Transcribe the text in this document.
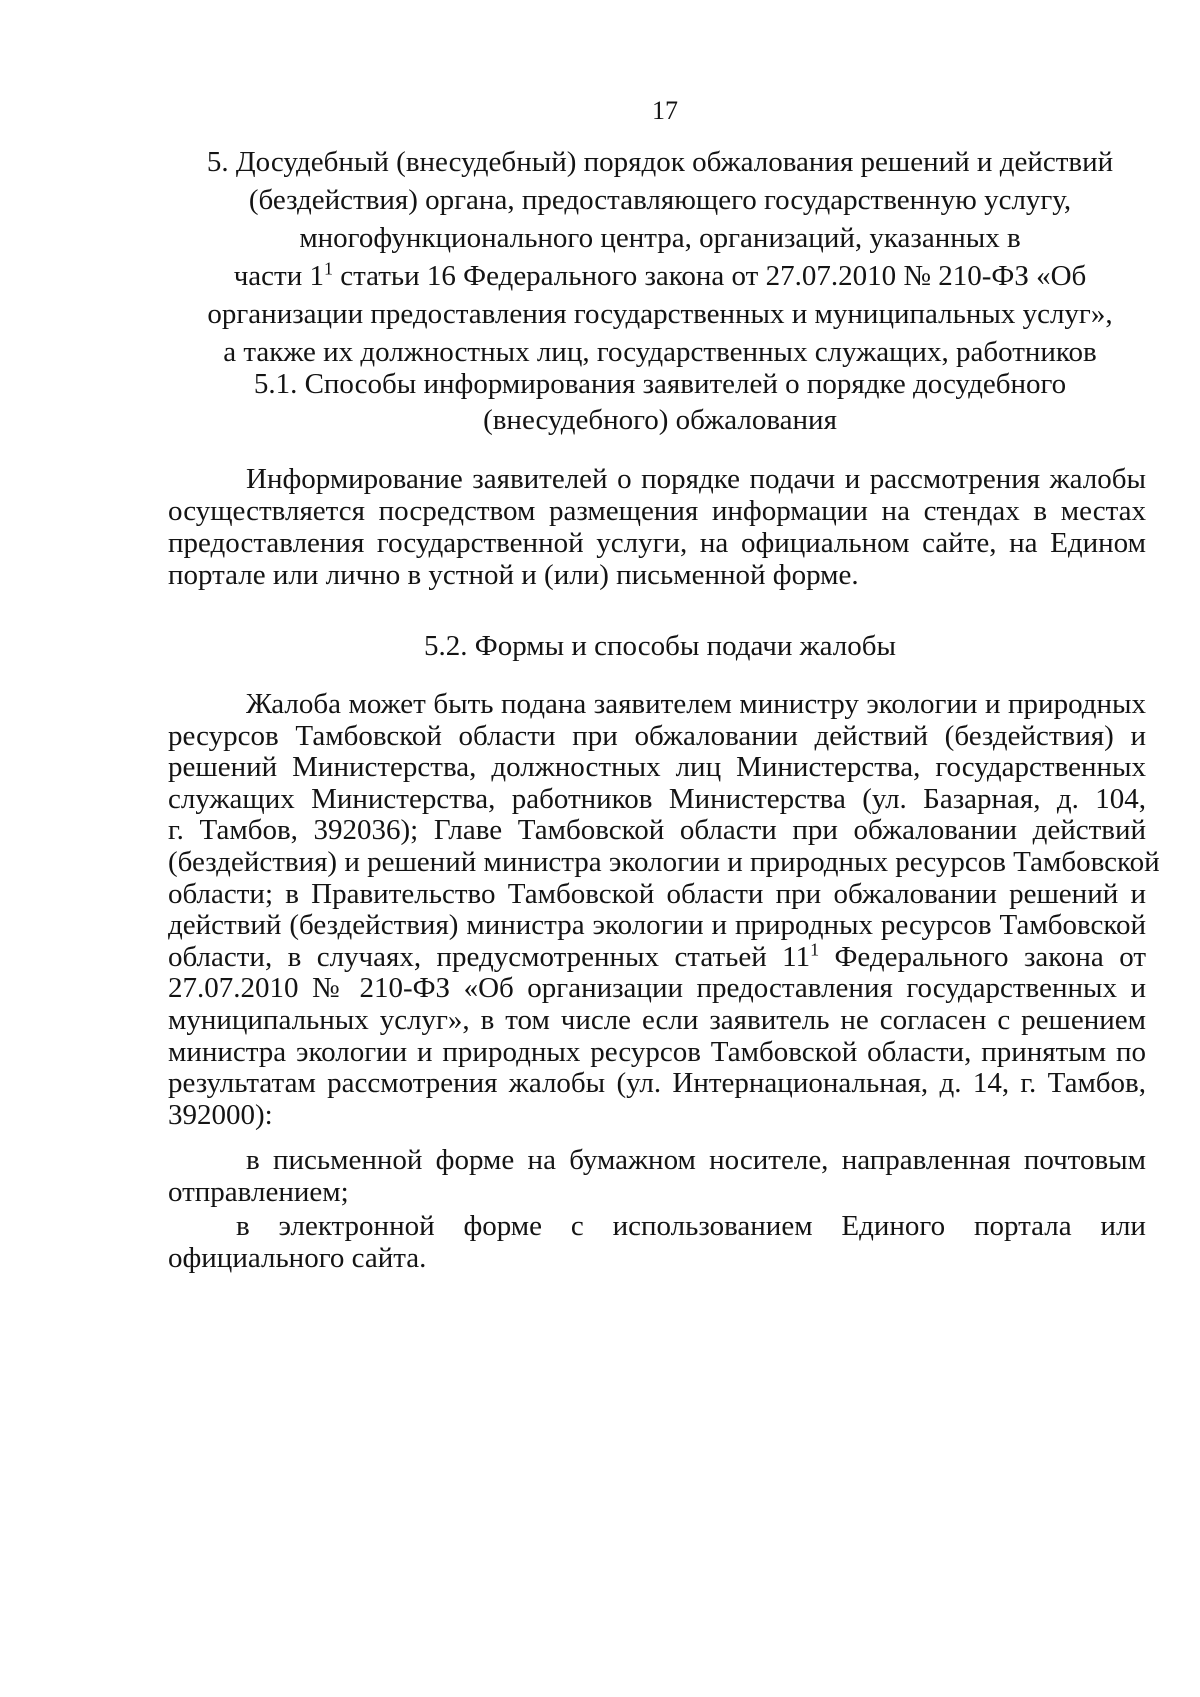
17
5. Досудебный (внесудебный) порядок обжалования решений и действий
(бездействия) органа, предоставляющего государственную услугу,
многофункционального центра, организаций, указанных в
части $1^1$ статьи 16 Федерального закона от 27.07.2010 № 210-ФЗ «Об
организации предоставления государственных и муниципальных услуг»,
а также их должностных лиц, государственных служащих, работников
5.1. Способы информирования заявителей о порядке досудебного
(внесудебного) обжалования

Информирование заявителей о порядке подачи и рассмотрения жалобы
осуществляется посредством размещения информации на стендах в местах
предоставления государственной услуги, на официальном сайте, на Едином
портале или лично в устной и (или) письменной форме.

5.2. Формы и способы подачи жалобы

Жалоба может быть подана заявителем министру экологии и природных
ресурсов Тамбовской области при обжаловании действий (бездействия) и
решений Министерства, должностных лиц Министерства, государственных
служащих Министерства, работников Министерства (ул. Базарная, д. 104,
г. Тамбов, 392036); Главе Тамбовской области при обжаловании действий
(бездействия) и решений министра экологии и природных ресурсов Тамбовской
области; в Правительство Тамбовской области при обжаловании решений и
действий (бездействия) министра экологии и природных ресурсов Тамбовской
области, в случаях, предусмотренных статьей $11^1$ Федерального закона от
27.07.2010 № 210-ФЗ «Об организации предоставления государственных и
муниципальных услуг», в том числе если заявитель не согласен с решением
министра экологии и природных ресурсов Тамбовской области, принятым по
результатам рассмотрения жалобы (ул. Интернациональная, д. 14, г. Тамбов,
392000):

в письменной форме на бумажном носителе, направленная почтовым
отправлением;

в электронной форме с использованием Единого портала или
официального сайта.
